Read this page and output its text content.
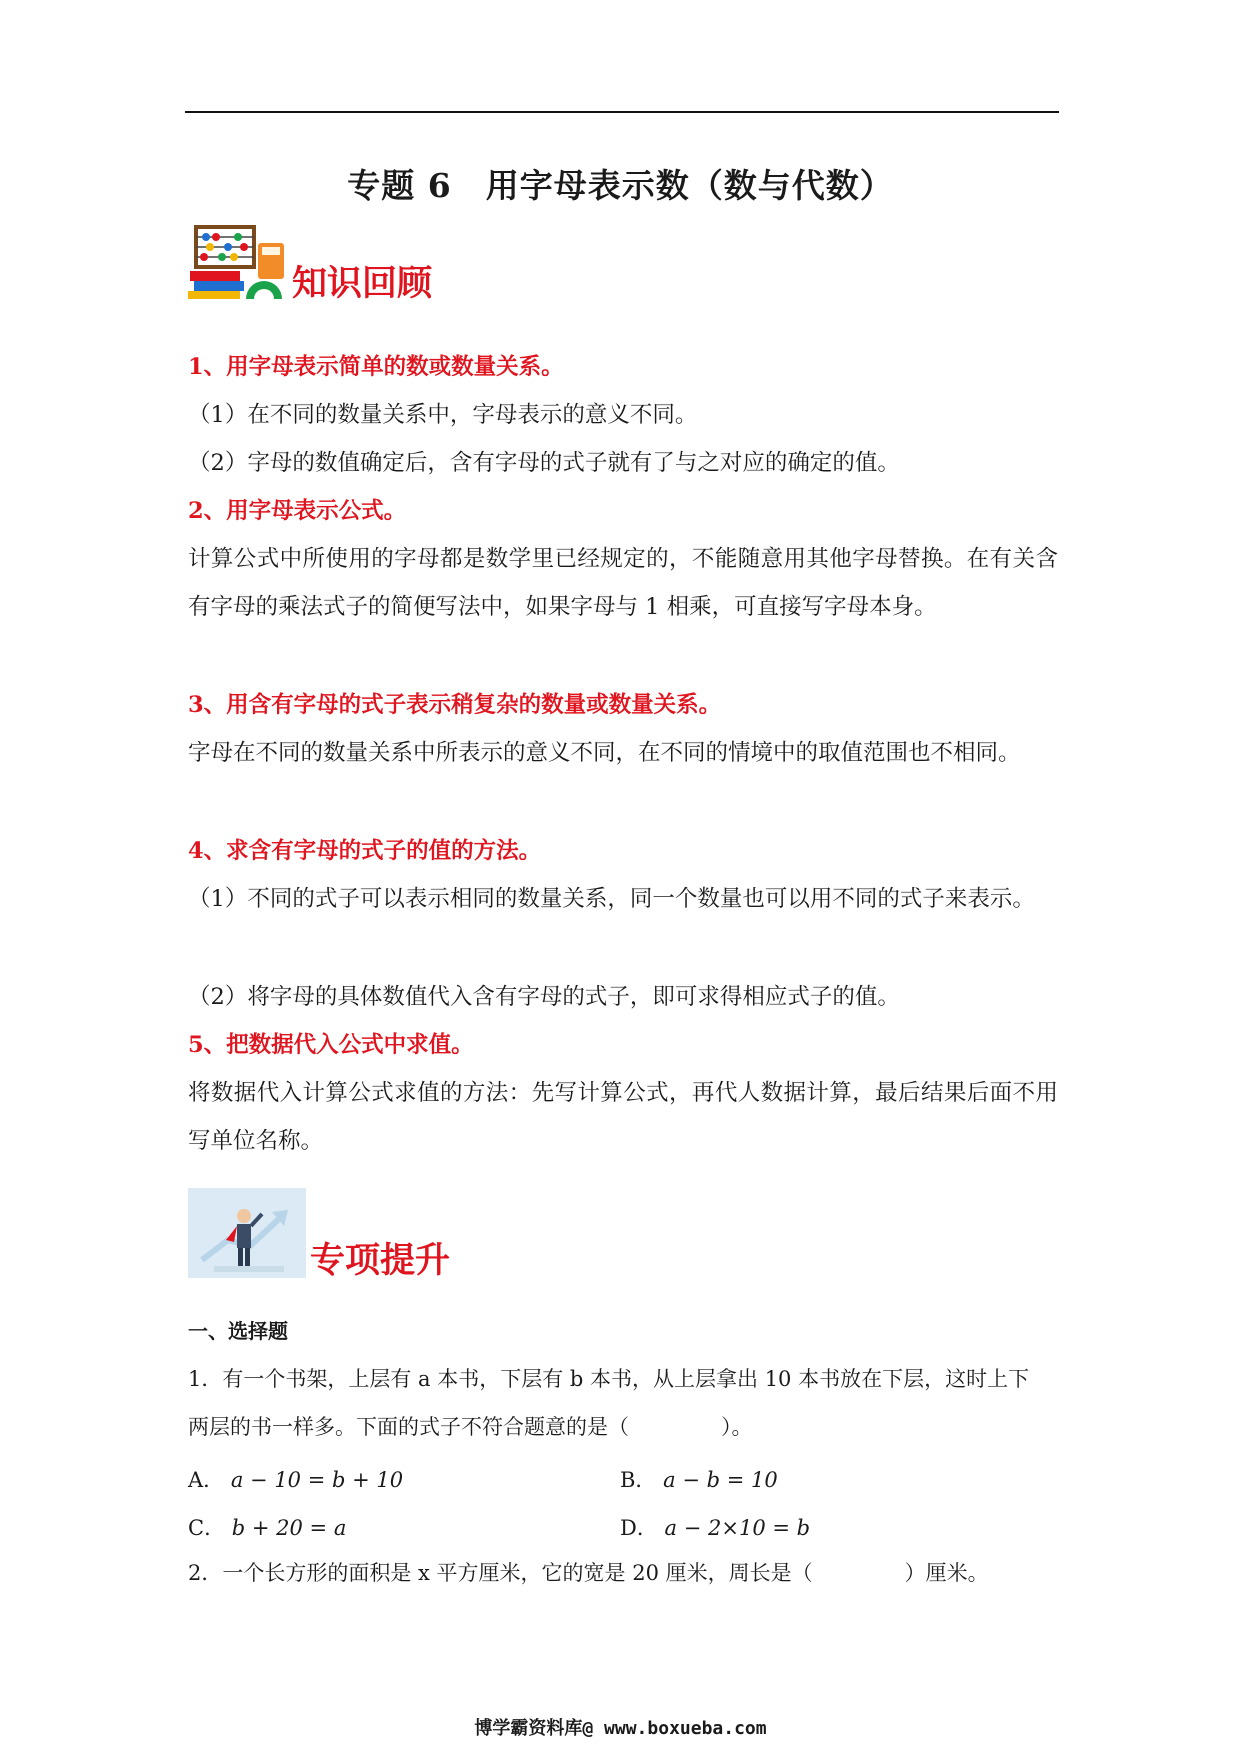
专题 6　用字母表示数（数与代数）
知识回顾
1、用字母表示简单的数或数量关系。
（1）在不同的数量关系中，字母表示的意义不同。
（2）字母的数值确定后，含有字母的式子就有了与之对应的确定的值。
2、用字母表示公式。
计算公式中所使用的字母都是数学里已经规定的，不能随意用其他字母替换。在有关含有字母的乘法式子的简便写法中，如果字母与 1 相乘，可直接写字母本身。
3、用含有字母的式子表示稍复杂的数量或数量关系。
字母在不同的数量关系中所表示的意义不同，在不同的情境中的取值范围也不相同。
4、求含有字母的式子的值的方法。
（1）不同的式子可以表示相同的数量关系，同一个数量也可以用不同的式子来表示。
（2）将字母的具体数值代入含有字母的式子，即可求得相应式子的值。
5、把数据代入公式中求值。
将数据代入计算公式求值的方法：先写计算公式，再代人数据计算，最后结果后面不用写单位名称。
专项提升
一、选择题
1．有一个书架，上层有 a 本书，下层有 b 本书，从上层拿出 10 本书放在下层，这时上下
两层的书一样多。下面的式子不符合题意的是（	）。
A． a − 10 = b + 10	B． a − b = 10
C． b + 20 = a	D． a − 2×10 = b
2．一个长方形的面积是 x 平方厘米，它的宽是 20 厘米，周长是（	）厘米。
博学霸资料库@ www.boxueba.com
